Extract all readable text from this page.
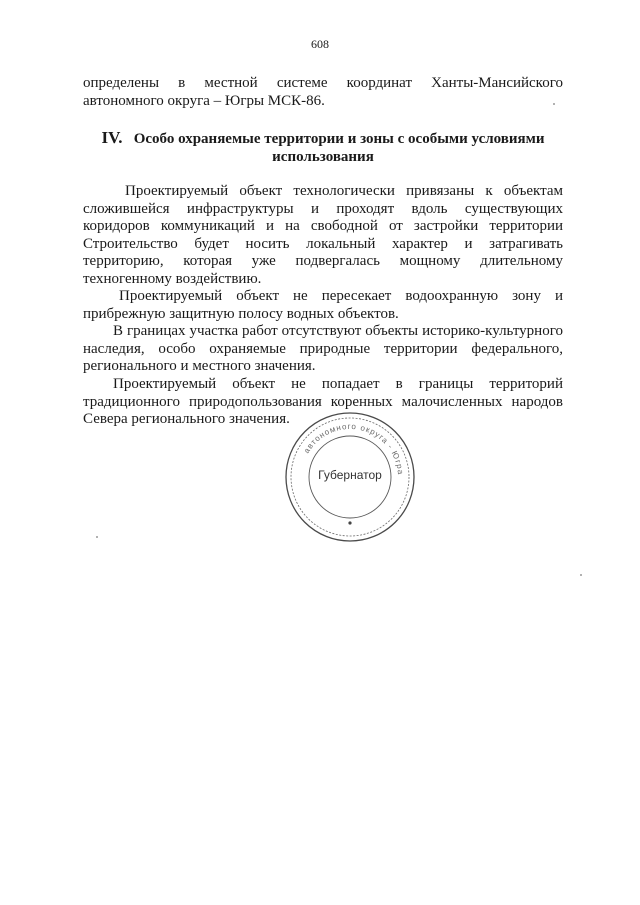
608
определены в местной системе координат Ханты-Мансийского
автономного округа – Югры МСК-86.
IV. Особо охраняемые территории и зоны с особыми условиями
использования
Проектируемый объект технологически привязаны к объектам сложившейся инфраструктуры и проходят вдоль существующих коридоров коммуникаций и на свободной от застройки территории Строительство будет носить локальный характер и затрагивать территорию, которая уже подвергалась мощному длительному техногенному воздействию.
Проектируемый объект не пересекает водоохранную зону и прибрежную защитную полосу водных объектов.
В границах участка работ отсутствуют объекты историко-культурного наследия, особо охраняемые природные территории федерального, регионального и местного значения.
Проектируемый объект не попадает в границы территорий традиционного природопользования коренных малочисленных народов Севера регионального значения.
автономного округа - Югра
Губернатор
